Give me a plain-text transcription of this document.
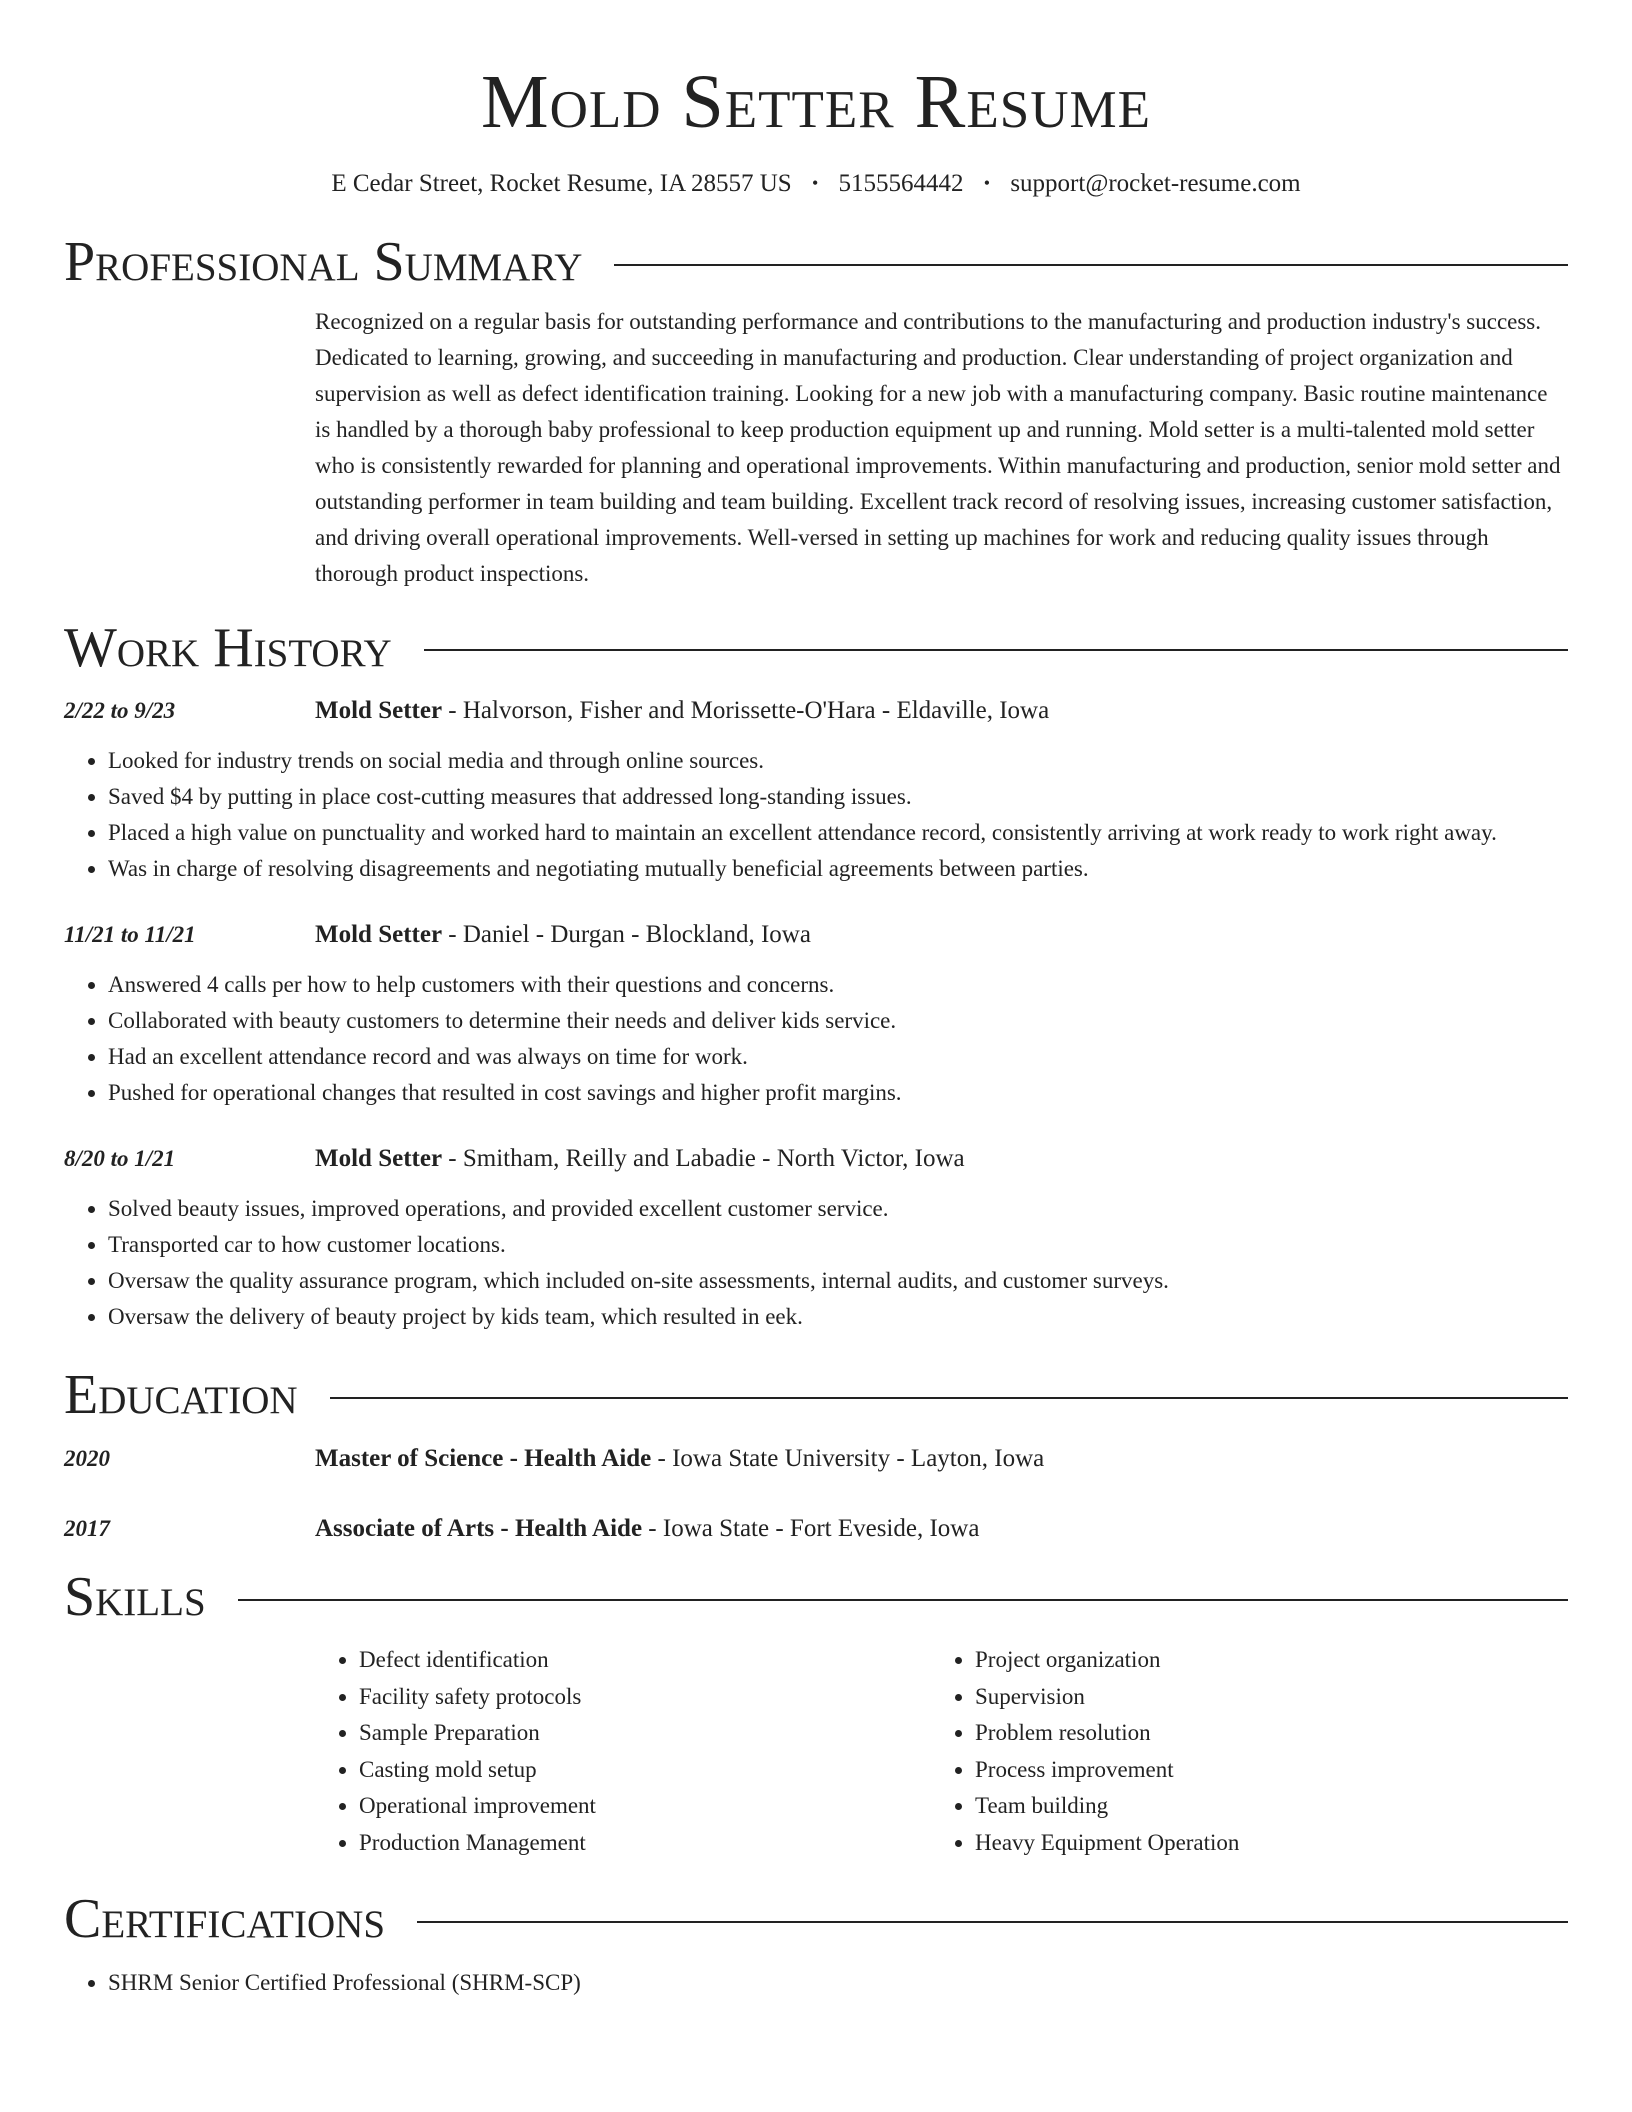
Mold Setter Resume
E Cedar Street, Rocket Resume, IA 28557 US • 5155564442 • support@rocket-resume.com
Professional Summary
Recognized on a regular basis for outstanding performance and contributions to the manufacturing and production industry's success. Dedicated to learning, growing, and succeeding in manufacturing and production. Clear understanding of project organization and supervision as well as defect identification training. Looking for a new job with a manufacturing company. Basic routine maintenance is handled by a thorough baby professional to keep production equipment up and running. Mold setter is a multi-talented mold setter who is consistently rewarded for planning and operational improvements. Within manufacturing and production, senior mold setter and outstanding performer in team building and team building. Excellent track record of resolving issues, increasing customer satisfaction, and driving overall operational improvements. Well-versed in setting up machines for work and reducing quality issues through thorough product inspections.
Work History
2/22 to 9/23	Mold Setter - Halvorson, Fisher and Morissette-O'Hara - Eldaville, Iowa
• Looked for industry trends on social media and through online sources.
• Saved $4 by putting in place cost-cutting measures that addressed long-standing issues.
• Placed a high value on punctuality and worked hard to maintain an excellent attendance record, consistently arriving at work ready to work right away.
• Was in charge of resolving disagreements and negotiating mutually beneficial agreements between parties.
11/21 to 11/21	Mold Setter - Daniel - Durgan - Blockland, Iowa
• Answered 4 calls per how to help customers with their questions and concerns.
• Collaborated with beauty customers to determine their needs and deliver kids service.
• Had an excellent attendance record and was always on time for work.
• Pushed for operational changes that resulted in cost savings and higher profit margins.
8/20 to 1/21	Mold Setter - Smitham, Reilly and Labadie - North Victor, Iowa
• Solved beauty issues, improved operations, and provided excellent customer service.
• Transported car to how customer locations.
• Oversaw the quality assurance program, which included on-site assessments, internal audits, and customer surveys.
• Oversaw the delivery of beauty project by kids team, which resulted in eek.
Education
2020	Master of Science - Health Aide - Iowa State University - Layton, Iowa
2017	Associate of Arts - Health Aide - Iowa State - Fort Eveside, Iowa
Skills
• Defect identification
• Facility safety protocols
• Sample Preparation
• Casting mold setup
• Operational improvement
• Production Management
• Project organization
• Supervision
• Problem resolution
• Process improvement
• Team building
• Heavy Equipment Operation
Certifications
• SHRM Senior Certified Professional (SHRM-SCP)
